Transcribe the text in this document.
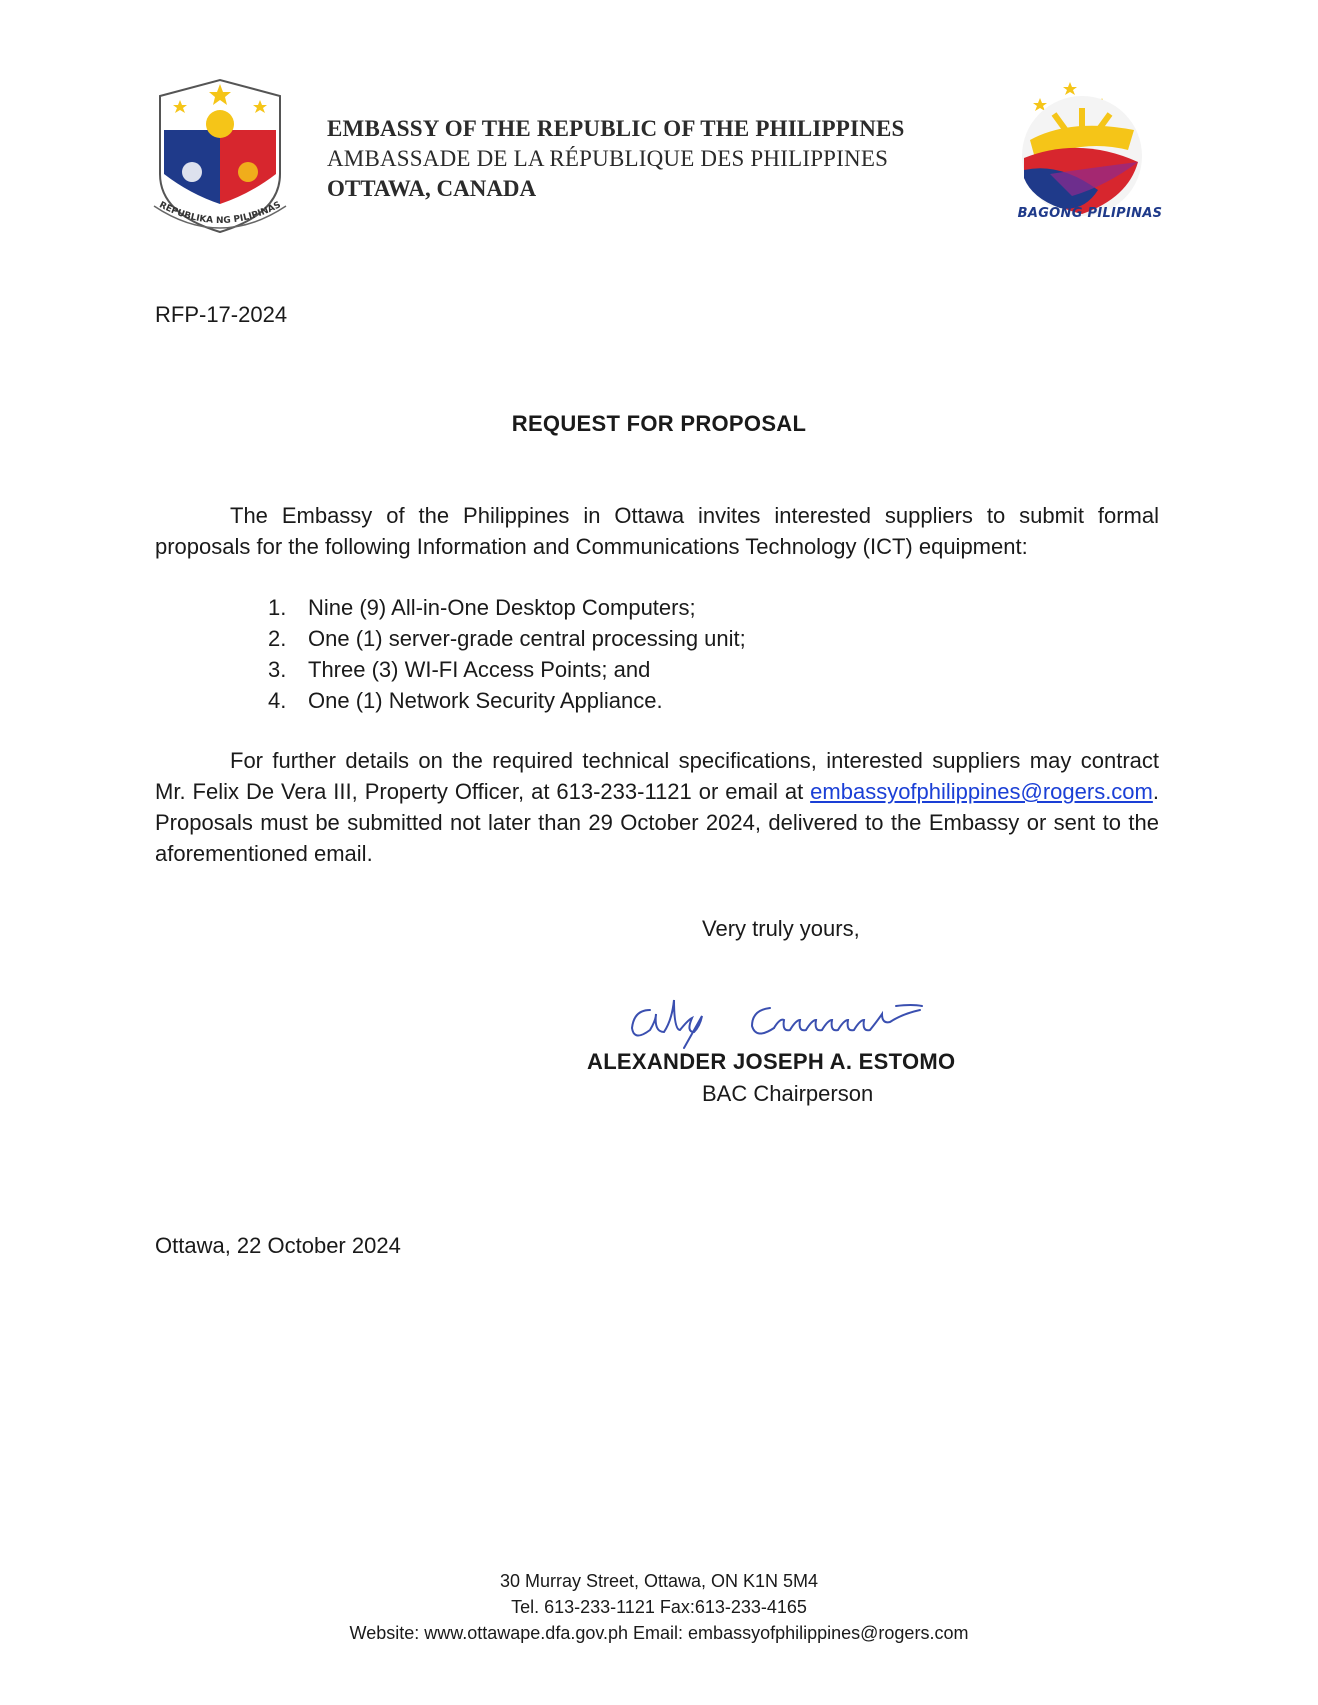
REPUBLIKA NG PILIPINAS
EMBASSY OF THE REPUBLIC OF THE PHILIPPINES
AMBASSADE DE LA RÉPUBLIQUE DES PHILIPPINES
OTTAWA, CANADA
BAGONG PILIPINAS
RFP-17-2024
REQUEST FOR PROPOSAL
The Embassy of the Philippines in Ottawa invites interested suppliers to submit formal proposals for the following Information and Communications Technology (ICT) equipment:
1. Nine (9) All-in-One Desktop Computers;
2. One (1) server-grade central processing unit;
3. Three (3) WI-FI Access Points; and
4. One (1) Network Security Appliance.
For further details on the required technical specifications, interested suppliers may contract Mr. Felix De Vera III, Property Officer, at 613-233-1121 or email at embassyofphilippines@rogers.com. Proposals must be submitted not later than 29 October 2024, delivered to the Embassy or sent to the aforementioned email.
Very truly yours,
ALEXANDER JOSEPH A. ESTOMO
BAC Chairperson
Ottawa, 22 October 2024
30 Murray Street, Ottawa, ON K1N 5M4
Tel. 613-233-1121 Fax:613-233-4165
Website: www.ottawape.dfa.gov.ph Email: embassyofphilippines@rogers.com
